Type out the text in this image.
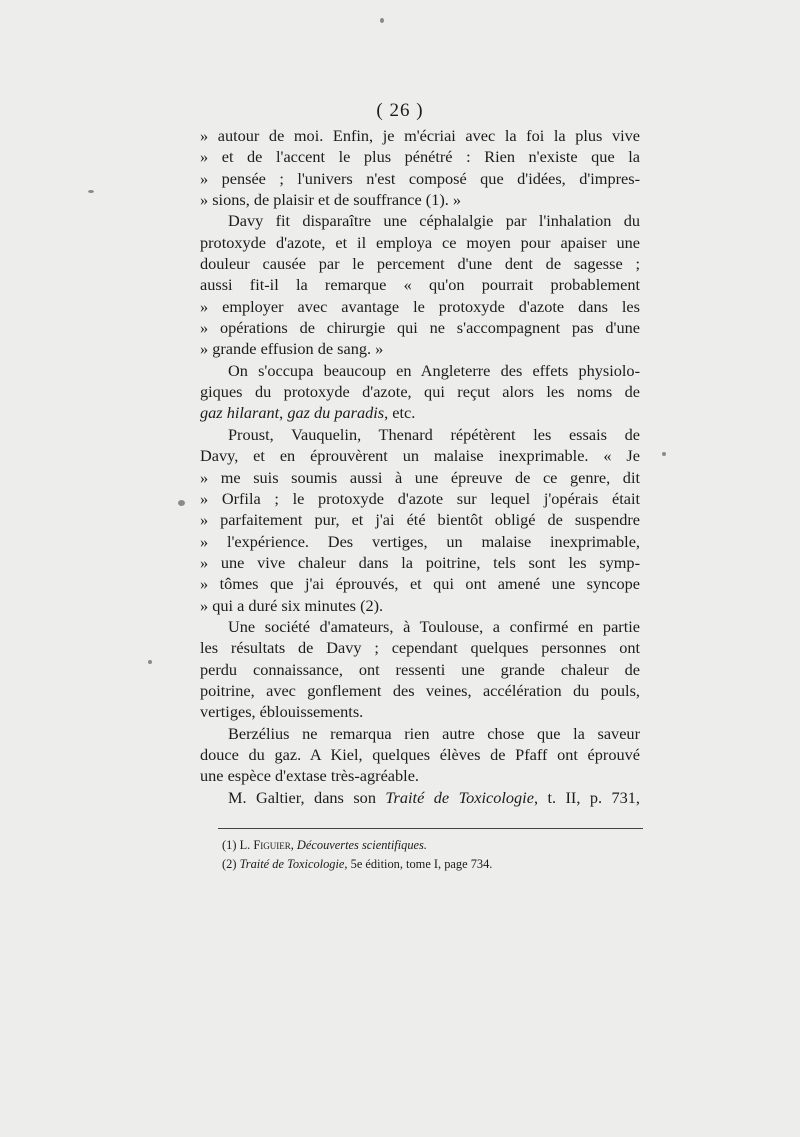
( 26 )
» autour de moi. Enfin, je m'écriai avec la foi la plus vive
» et de l'accent le plus pénétré : Rien n'existe que la
» pensée ; l'univers n'est composé que d'idées, d'impres-
» sions, de plaisir et de souffrance (1). »
Davy fit disparaître une céphalalgie par l'inhalation du
protoxyde d'azote, et il employa ce moyen pour apaiser une
douleur causée par le percement d'une dent de sagesse ;
aussi fit-il la remarque « qu'on pourrait probablement
» employer avec avantage le protoxyde d'azote dans les
» opérations de chirurgie qui ne s'accompagnent pas d'une
» grande effusion de sang. »
On s'occupa beaucoup en Angleterre des effets physiolo-
giques du protoxyde d'azote, qui reçut alors les noms de
gaz hilarant, gaz du paradis, etc.
Proust, Vauquelin, Thenard répétèrent les essais de
Davy, et en éprouvèrent un malaise inexprimable. « Je
» me suis soumis aussi à une épreuve de ce genre, dit
» Orfila ; le protoxyde d'azote sur lequel j'opérais était
» parfaitement pur, et j'ai été bientôt obligé de suspendre
» l'expérience. Des vertiges, un malaise inexprimable,
» une vive chaleur dans la poitrine, tels sont les symp-
» tômes que j'ai éprouvés, et qui ont amené une syncope
» qui a duré six minutes (2).
Une société d'amateurs, à Toulouse, a confirmé en partie
les résultats de Davy ; cependant quelques personnes ont
perdu connaissance, ont ressenti une grande chaleur de
poitrine, avec gonflement des veines, accélération du pouls,
vertiges, éblouissements.
Berzélius ne remarqua rien autre chose que la saveur
douce du gaz. A Kiel, quelques élèves de Pfaff ont éprouvé
une espèce d'extase très-agréable.
M. Galtier, dans son Traité de Toxicologie, t. II, p. 731,
(1) L. Figuier, Découvertes scientifiques.
(2) Traité de Toxicologie, 5e édition, tome I, page 734.
